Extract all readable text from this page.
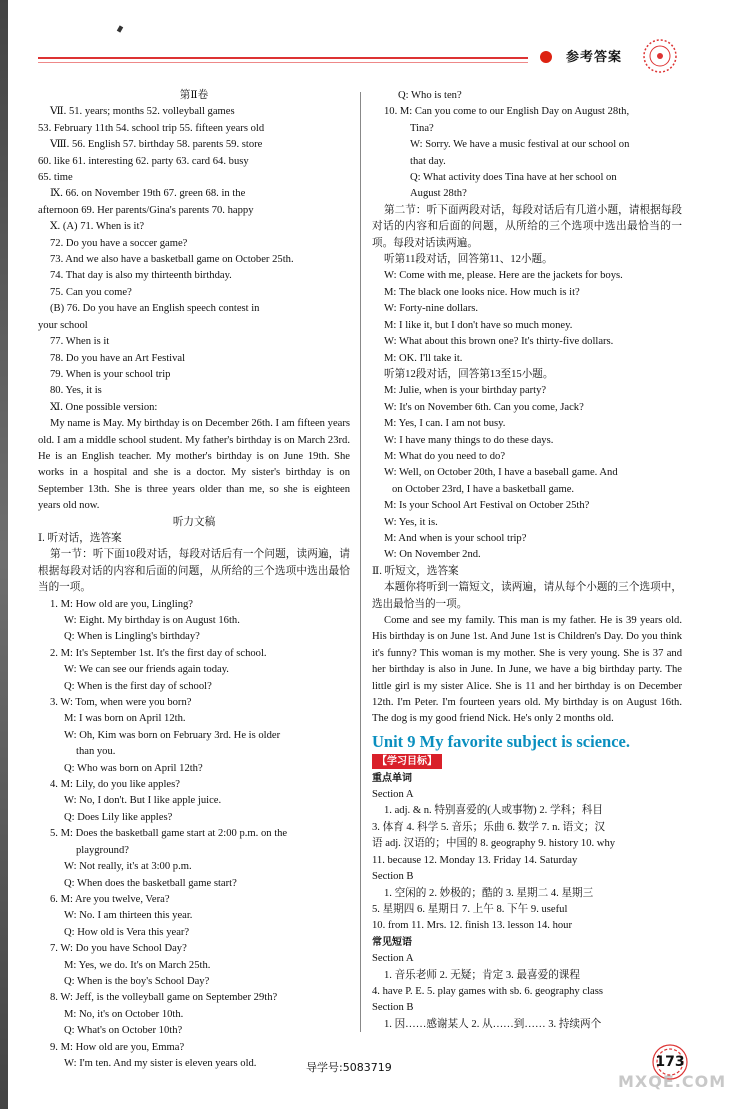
参考答案
第Ⅱ卷
Ⅶ. 51. years; months 52. volleyball games
53. February 11th 54. school trip 55. fifteen years old
Ⅷ. 56. English 57. birthday 58. parents 59. store
60. like 61. interesting 62. party 63. card 64. busy
65. time
Ⅸ. 66. on November 19th 67. green 68. in the
afternoon 69. Her parents/Gina's parents 70. happy
Ⅹ. (A) 71. When is it?
72. Do you have a soccer game?
73. And we also have a basketball game on October 25th.
74. That day is also my thirteenth birthday.
75. Can you come?
(B) 76. Do you have an English speech contest in
your school
77. When is it
78. Do you have an Art Festival
79. When is your school trip
80. Yes, it is
Ⅺ. One possible version:
My name is May. My birthday is on December 26th. I am fifteen years old. I am a middle school student. My father's birthday is on March 23rd. He is an English teacher. My mother's birthday is on June 19th. She works in a hospital and she is a doctor. My sister's birthday is on September 13th. She is three years older than me, so she is eighteen years old now.
听力文稿
Ⅰ. 听对话，选答案
第一节：听下面10段对话，每段对话后有一个问题，读两遍，请根据每段对话的内容和后面的问题，从所给的三个选项中选出最恰当的一项。
1. M: How old are you, Lingling?
W: Eight. My birthday is on August 16th.
Q: When is Lingling's birthday?
2. M: It's September 1st. It's the first day of school.
W: We can see our friends again today.
Q: When is the first day of school?
3. W: Tom, when were you born?
M: I was born on April 12th.
W: Oh, Kim was born on February 3rd. He is older
than you.
Q: Who was born on April 12th?
4. M: Lily, do you like apples?
W: No, I don't. But I like apple juice.
Q: Does Lily like apples?
5. M: Does the basketball game start at 2:00 p.m. on the
playground?
W: Not really, it's at 3:00 p.m.
Q: When does the basketball game start?
6. M: Are you twelve, Vera?
W: No. I am thirteen this year.
Q: How old is Vera this year?
7. W: Do you have School Day?
M: Yes, we do. It's on March 25th.
Q: When is the boy's School Day?
8. W: Jeff, is the volleyball game on September 29th?
M: No, it's on October 10th.
Q: What's on October 10th?
9. M: How old are you, Emma?
W: I'm ten. And my sister is eleven years old.
Q: Who is ten?
10. M: Can you come to our English Day on August 28th,
Tina?
W: Sorry. We have a music festival at our school on
that day.
Q: What activity does Tina have at her school on
August 28th?
第二节：听下面两段对话，每段对话后有几道小题，请根据每段对话的内容和后面的问题，从所给的三个选项中选出最恰当的一项。每段对话读两遍。
听第11段对话，回答第11、12小题。
W: Come with me, please. Here are the jackets for boys.
M: The black one looks nice. How much is it?
W: Forty-nine dollars.
M: I like it, but I don't have so much money.
W: What about this brown one? It's thirty-five dollars.
M: OK. I'll take it.
听第12段对话，回答第13至15小题。
M: Julie, when is your birthday party?
W: It's on November 6th. Can you come, Jack?
M: Yes, I can. I am not busy.
W: I have many things to do these days.
M: What do you need to do?
W: Well, on October 20th, I have a baseball game. And
on October 23rd, I have a basketball game.
M: Is your School Art Festival on October 25th?
W: Yes, it is.
M: And when is your school trip?
W: On November 2nd.
Ⅱ. 听短文，选答案
本题你将听到一篇短文，读两遍，请从每个小题的三个选项中，选出最恰当的一项。
Come and see my family. This man is my father. He is 39 years old. His birthday is on June 1st. And June 1st is Children's Day. Do you think it's funny? This woman is my mother. She is very young. She is 37 and her birthday is also in June. In June, we have a big birthday party. The little girl is my sister Alice. She is 11 and her birthday is on December 12th. I'm Peter. I'm fourteen years old. My birthday is on August 16th. The dog is my good friend Nick. He's only 2 months old.
Unit 9 My favorite subject is science.
【学习目标】
重点单词
Section A
1. adj. & n. 特别喜爱的(人或事物) 2. 学科；科目
3. 体育 4. 科学 5. 音乐；乐曲 6. 数学 7. n. 语文；汉
语 adj. 汉语的；中国的 8. geography 9. history 10. why
11. because 12. Monday 13. Friday 14. Saturday
Section B
1. 空闲的 2. 妙极的；酷的 3. 星期二 4. 星期三
5. 星期四 6. 星期日 7. 上午 8. 下午 9. useful
10. from 11. Mrs. 12. finish 13. lesson 14. hour
常见短语
Section A
1. 音乐老师 2. 无疑；肯定 3. 最喜爱的课程
4. have P. E. 5. play games with sb. 6. geography class
Section B
1. 因……感谢某人 2. 从……到…… 3. 持续两个
导学号:5083719	173
MXQE.COM
